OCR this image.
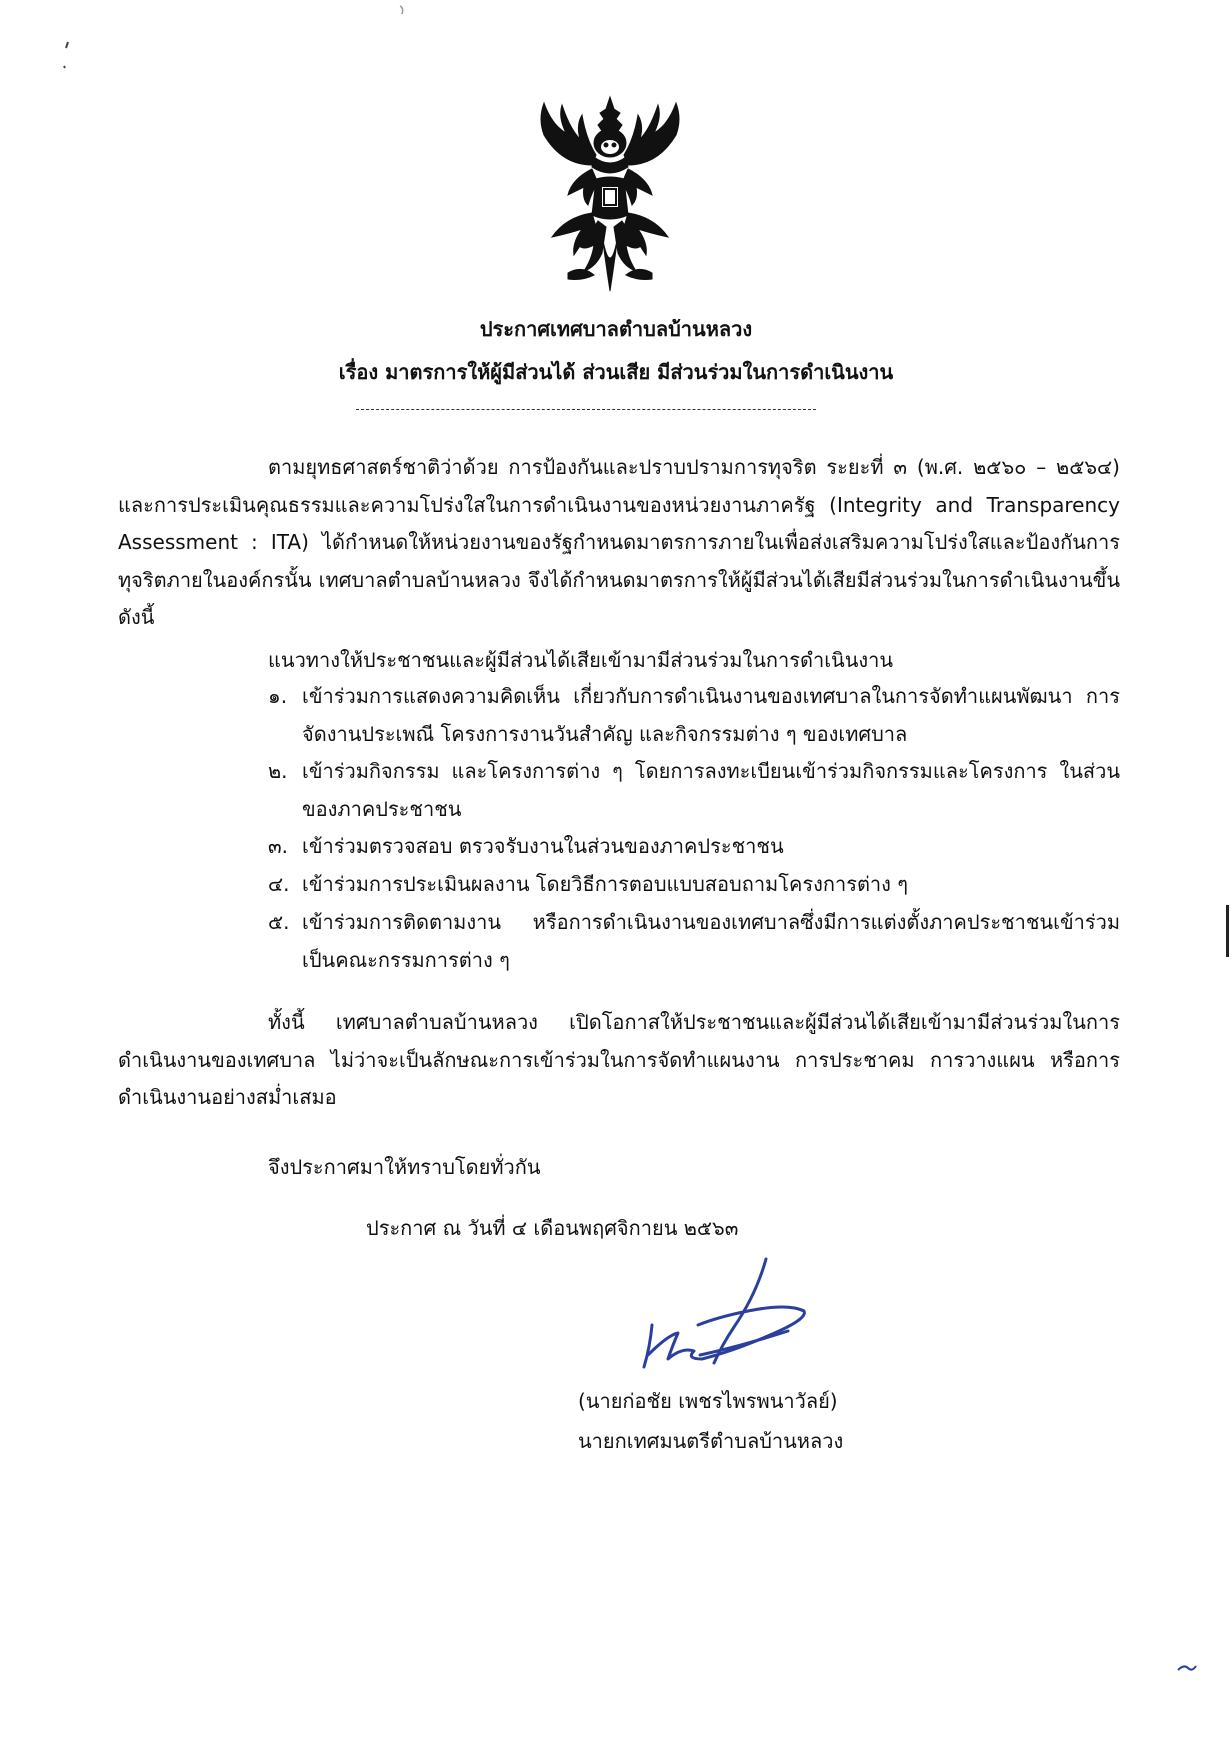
ประกาศเทศบาลตำบลบ้านหลวง
เรื่อง มาตรการให้ผู้มีส่วนได้ ส่วนเสีย มีส่วนร่วมในการดำเนินงาน

ตามยุทธศาสตร์ชาติว่าด้วย การป้องกันและปราบปรามการทุจริต ระยะที่ ๓ (พ.ศ. ๒๕๖๐ – ๒๕๖๔) และการประเมินคุณธรรมและความโปร่งใสในการดำเนินงานของหน่วยงานภาครัฐ (Integrity and Transparency Assessment : ITA) ได้กำหนดให้หน่วยงานของรัฐกำหนดมาตรการภายในเพื่อส่งเสริมความโปร่งใสและป้องกันการทุจริตภายในองค์กรนั้น เทศบาลตำบลบ้านหลวง จึงได้กำหนดมาตรการให้ผู้มีส่วนได้เสียมีส่วนร่วมในการดำเนินงานขึ้น ดังนี้

แนวทางให้ประชาชนและผู้มีส่วนได้เสียเข้ามามีส่วนร่วมในการดำเนินงาน
๑. เข้าร่วมการแสดงความคิดเห็น เกี่ยวกับการดำเนินงานของเทศบาลในการจัดทำแผนพัฒนา การจัดงานประเพณี โครงการงานวันสำคัญ และกิจกรรมต่าง ๆ ของเทศบาล
๒. เข้าร่วมกิจกรรม และโครงการต่าง ๆ โดยการลงทะเบียนเข้าร่วมกิจกรรมและโครงการ ในส่วนของภาคประชาชน
๓. เข้าร่วมตรวจสอบ ตรวจรับงานในส่วนของภาคประชาชน
๔. เข้าร่วมการประเมินผลงาน โดยวิธีการตอบแบบสอบถามโครงการต่าง ๆ
๕. เข้าร่วมการติดตามงาน หรือการดำเนินงานของเทศบาลซึ่งมีการแต่งตั้งภาคประชาชนเข้าร่วมเป็นคณะกรรมการต่าง ๆ

ทั้งนี้ เทศบาลตำบลบ้านหลวง เปิดโอกาสให้ประชาชนและผู้มีส่วนได้เสียเข้ามามีส่วนร่วมในการดำเนินงานของเทศบาล ไม่ว่าจะเป็นลักษณะการเข้าร่วมในการจัดทำแผนงาน การประชาคม การวางแผน หรือการดำเนินงานอย่างสม่ำเสมอ

จึงประกาศมาให้ทราบโดยทั่วกัน
ประกาศ ณ วันที่ ๔ เดือนพฤศจิกายน ๒๕๖๓
(นายก่อชัย เพชรไพรพนาวัลย์)
นายกเทศมนตรีตำบลบ้านหลวง
